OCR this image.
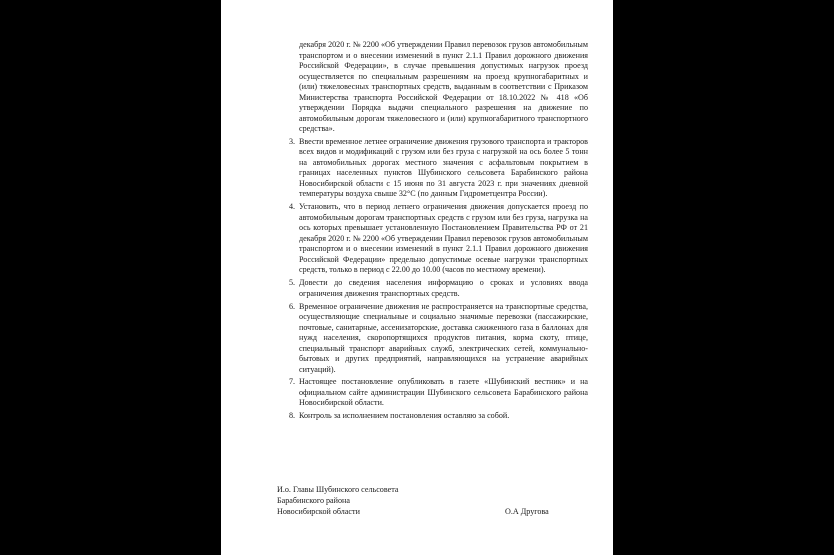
декабря 2020 г. № 2200 «Об утверждении Правил перевозок грузов автомобильным транспортом и о внесении изменений в пункт 2.1.1 Правил дорожного движения Российской Федерации», в случае превышения допустимых нагрузок проезд осуществляется по специальным разрешениям на проезд крупногабаритных и (или) тяжеловесных транспортных средств, выданным в соответствии с Приказом Министерства транспорта Российской Федерации от 18.10.2022 № 418 «Об утверждении Порядка выдачи специального разрешения на движение по автомобильным дорогам тяжеловесного и (или) крупногабаритного транспортного средства».

3. Ввести временное летнее ограничение движения грузового транспорта и тракторов всех видов и модификаций с грузом или без груза с нагрузкой на ось более 5 тонн на автомобильных дорогах местного значения с асфальтовым покрытием в границах населенных пунктов Шубинского сельсовета Барабинского района Новосибирской области с 15 июня по 31 августа 2023 г. при значениях дневной температуры воздуха свыше 32°С (по данным Гидрометцентра России).

4. Установить, что в период летнего ограничения движения допускается проезд по автомобильным дорогам транспортных средств с грузом или без груза, нагрузка на ось которых превышает установленную Постановлением Правительства РФ от 21 декабря 2020 г. № 2200 «Об утверждении Правил перевозок грузов автомобильным транспортом и о внесении изменений в пункт 2.1.1 Правил дорожного движения Российской Федерации» предельно допустимые осевые нагрузки транспортных средств, только в период с 22.00 до 10.00 (часов по местному времени).

5. Довести до сведения населения информацию о сроках и условиях ввода ограничения движения транспортных средств.

6. Временное ограничение движения не распространяется на транспортные средства, осуществляющие специальные и социально значимые перевозки (пассажирские, почтовые, санитарные, ассенизаторские, доставка сжиженного газа в баллонах для нужд населения, скоропортящихся продуктов питания, корма скоту, птице, специальный транспорт аварийных служб, электрических сетей, коммунально-бытовых и других предприятий, направляющихся на устранение аварийных ситуаций).

7. Настоящее постановление опубликовать в газете «Шубинский вестник» и на официальном сайте администрации Шубинского сельсовета Барабинского района Новосибирской области.

8. Контроль за исполнением постановления оставляю за собой.

И.о. Главы Шубинского сельсовета
Барабинского района
Новосибирской области	О.А Другова
